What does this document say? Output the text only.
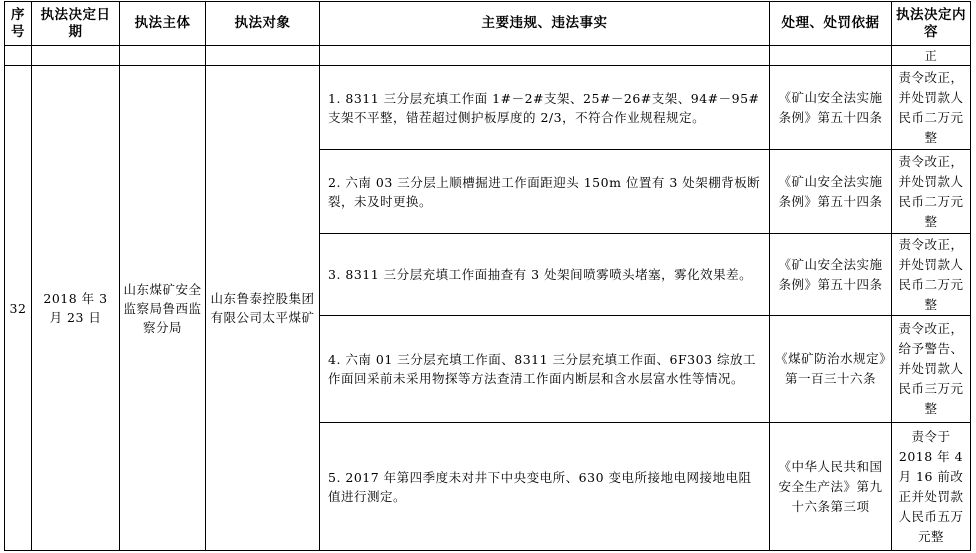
序号	执法决定日期	执法主体	执法对象	主要违规、违法事实	处理、处罚依据	执法决定内容
						正
32	2018 年 3 月 23 日	山东煤矿安全监察局鲁西监察分局	山东鲁泰控股集团有限公司太平煤矿	1. 8311 三分层充填工作面 1#－2#支架、25#－26#支架、94#－95#支架不平整，错茬超过侧护板厚度的 2/3，不符合作业规程规定。	《矿山安全法实施条例》第五十四条	责令改正，并处罚款人民币二万元整
				2. 六南 03 三分层上顺槽掘进工作面距迎头 150m 位置有 3 处架棚背板断裂，未及时更换。	《矿山安全法实施条例》第五十四条	责令改正，并处罚款人民币二万元整
				3. 8311 三分层充填工作面抽查有 3 处架间喷雾喷头堵塞，雾化效果差。	《矿山安全法实施条例》第五十四条	责令改正，并处罚款人民币二万元整
				4. 六南 01 三分层充填工作面、8311 三分层充填工作面、6F303 综放工作面回采前未采用物探等方法查清工作面内断层和含水层富水性等情况。	《煤矿防治水规定》第一百三十六条	责令改正，给予警告、并处罚款人民币三万元整
				5. 2017 年第四季度未对井下中央变电所、630 变电所接地电网接地电阻值进行测定。	《中华人民共和国安全生产法》第九十六条第三项	责令于 2018 年 4 月 16 前改正并处罚款人民币五万元整
